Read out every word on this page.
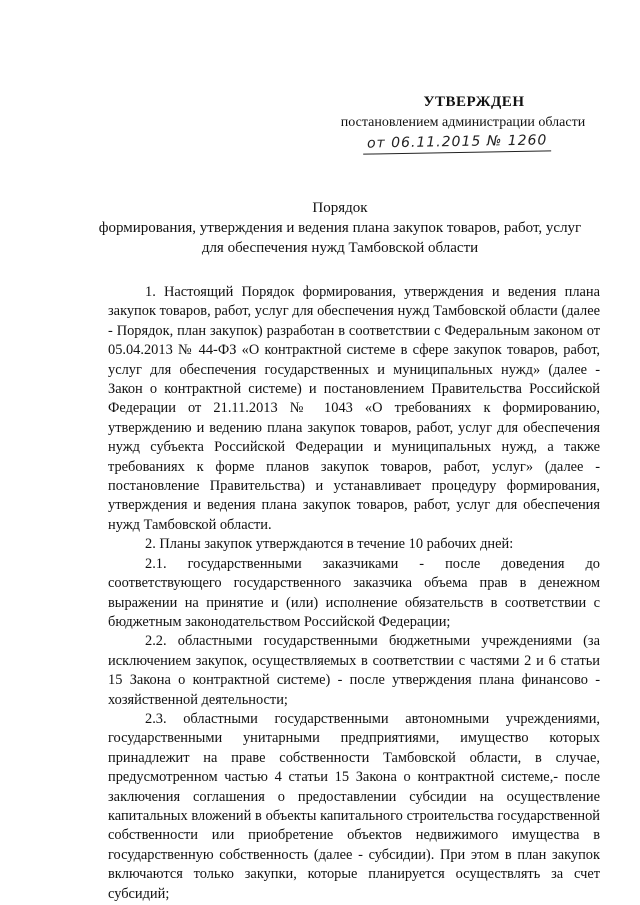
УТВЕРЖДЕН
постановлением администрации области
от 06.11.2015 № 1260
Порядок
формирования, утверждения и ведения плана закупок товаров, работ, услуг
для обеспечения нужд Тамбовской области

1. Настоящий Порядок формирования, утверждения и ведения плана закупок товаров, работ, услуг для обеспечения нужд Тамбовской области (далее - Порядок, план закупок) разработан в соответствии с Федеральным законом от 05.04.2013 № 44-ФЗ «О контрактной системе в сфере закупок товаров, работ, услуг для обеспечения государственных и муниципальных нужд» (далее - Закон о контрактной системе) и постановлением Правительства Российской Федерации от 21.11.2013 № 1043 «О требованиях к формированию, утверждению и ведению плана закупок товаров, работ, услуг для обеспечения нужд субъекта Российской Федерации и муниципальных нужд, а также требованиях к форме планов закупок товаров, работ, услуг» (далее - постановление Правительства) и устанавливает процедуру формирования, утверждения и ведения плана закупок товаров, работ, услуг для обеспечения нужд Тамбовской области.

2. Планы закупок утверждаются в течение 10 рабочих дней:

2.1. государственными заказчиками - после доведения до соответствующего государственного заказчика объема прав в денежном выражении на принятие и (или) исполнение обязательств в соответствии с бюджетным законодательством Российской Федерации;

2.2. областными государственными бюджетными учреждениями (за исключением закупок, осуществляемых в соответствии с частями 2 и 6 статьи 15 Закона о контрактной системе) - после утверждения плана финансово - хозяйственной деятельности;

2.3. областными государственными автономными учреждениями, государственными унитарными предприятиями, имущество которых принадлежит на праве собственности Тамбовской области, в случае, предусмотренном частью 4 статьи 15 Закона о контрактной системе,- после заключения соглашения о предоставлении субсидии на осуществление капитальных вложений в объекты капитального строительства государственной собственности или приобретение объектов недвижимого имущества в государственную собственность (далее - субсидии). При этом в план закупок включаются только закупки, которые планируется осуществлять за счет субсидий;
